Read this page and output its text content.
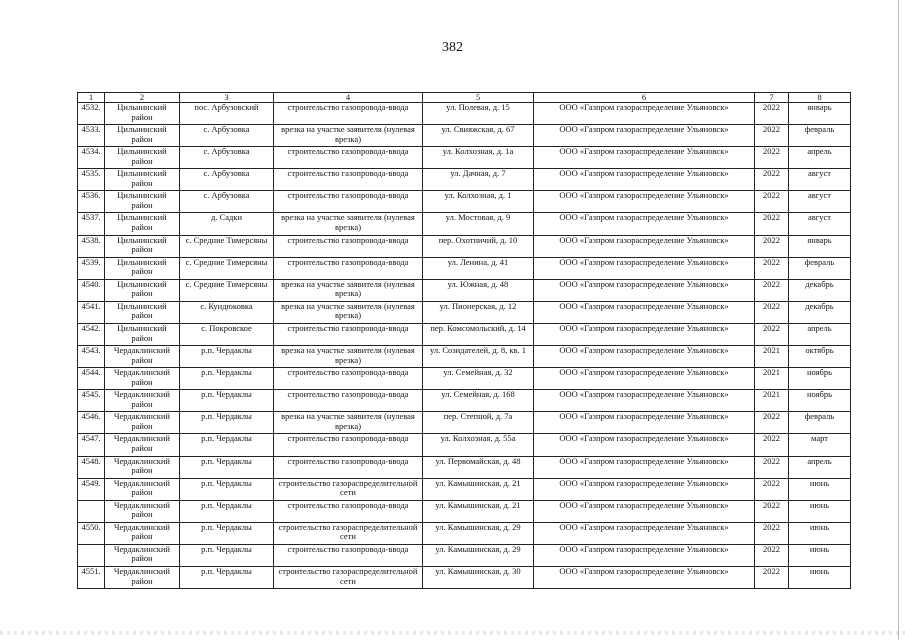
382
1	2	3	4	5	6	7	8
4532.	Цильнинский район	пос. Арбузовский	строительство газопровода-ввода	ул. Полевая, д. 15	ООО «Газпром газораспределение Ульяновск»	2022	январь
4533.	Цильнинский район	с. Арбузовка	врезка на участке заявителя (нулевая врезка)	ул. Свияжская, д. 67	ООО «Газпром газораспределение Ульяновск»	2022	февраль
4534.	Цильнинский район	с. Арбузовка	строительство газопровода-ввода	ул. Колхозная, д. 1а	ООО «Газпром газораспределение Ульяновск»	2022	апрель
4535.	Цильнинский район	с. Арбузовка	строительство газопровода-ввода	ул. Дачная, д. 7	ООО «Газпром газораспределение Ульяновск»	2022	август
4536.	Цильнинский район	с. Арбузовка	строительство газопровода-ввода	ул. Колхозная, д. 1	ООО «Газпром газораспределение Ульяновск»	2022	август
4537.	Цильнинский район	д. Садки	врезка на участке заявителя (нулевая врезка)	ул. Мостовая, д. 9	ООО «Газпром газораспределение Ульяновск»	2022	август
4538.	Цильнинский район	с. Средние Тимерсяны	строительство газопровода-ввода	пер. Охотничий, д. 10	ООО «Газпром газораспределение Ульяновск»	2022	январь
4539.	Цильнинский район	с. Средние Тимерсяны	строительство газопровода-ввода	ул. Ленина, д. 41	ООО «Газпром газораспределение Ульяновск»	2022	февраль
4540.	Цильнинский район	с. Средние Тимерсяны	врезка на участке заявителя (нулевая врезка)	ул. Южная, д. 48	ООО «Газпром газораспределение Ульяновск»	2022	декабрь
4541.	Цильнинский район	с. Кундюковка	врезка на участке заявителя (нулевая врезка)	ул. Пионерская, д. 12	ООО «Газпром газораспределение Ульяновск»	2022	декабрь
4542.	Цильнинский район	с. Покровское	строительство газопровода-ввода	пер. Комсомольский, д. 14	ООО «Газпром газораспределение Ульяновск»	2022	апрель
4543.	Чердаклинский район	р.п. Чердаклы	врезка на участке заявителя (нулевая врезка)	ул. Созидателей, д. 8, кв. 1	ООО «Газпром газораспределение Ульяновск»	2021	октябрь
4544.	Чердаклинский район	р.п. Чердаклы	строительство газопровода-ввода	ул. Семейная, д. 32	ООО «Газпром газораспределение Ульяновск»	2021	ноябрь
4545.	Чердаклинский район	р.п. Чердаклы	строительство газопровода-ввода	ул. Семейная, д. 168	ООО «Газпром газораспределение Ульяновск»	2021	ноябрь
4546.	Чердаклинский район	р.п. Чердаклы	врезка на участке заявителя (нулевая врезка)	пер. Степной, д. 7а	ООО «Газпром газораспределение Ульяновск»	2022	февраль
4547.	Чердаклинский район	р.п. Чердаклы	строительство газопровода-ввода	ул. Колхозная, д. 55а	ООО «Газпром газораспределение Ульяновск»	2022	март
4548.	Чердаклинский район	р.п. Чердаклы	строительство газопровода-ввода	ул. Первомайская, д. 48	ООО «Газпром газораспределение Ульяновск»	2022	апрель
4549.	Чердаклинский район	р.п. Чердаклы	строительство газораспределительной сети	ул. Камышинская, д. 21	ООО «Газпром газораспределение Ульяновск»	2022	июнь
	Чердаклинский район	р.п. Чердаклы	строительство газопровода-ввода	ул. Камышинская, д. 21	ООО «Газпром газораспределение Ульяновск»	2022	июнь
4550.	Чердаклинский район	р.п. Чердаклы	строительство газораспределительной сети	ул. Камышинская, д. 29	ООО «Газпром газораспределение Ульяновск»	2022	июнь
	Чердаклинский район	р.п. Чердаклы	строительство газопровода-ввода	ул. Камышинская, д. 29	ООО «Газпром газораспределение Ульяновск»	2022	июнь
4551.	Чердаклинский район	р.п. Чердаклы	строительство газораспределительной сети	ул. Камышинская, д. 30	ООО «Газпром газораспределение Ульяновск»	2022	июнь
